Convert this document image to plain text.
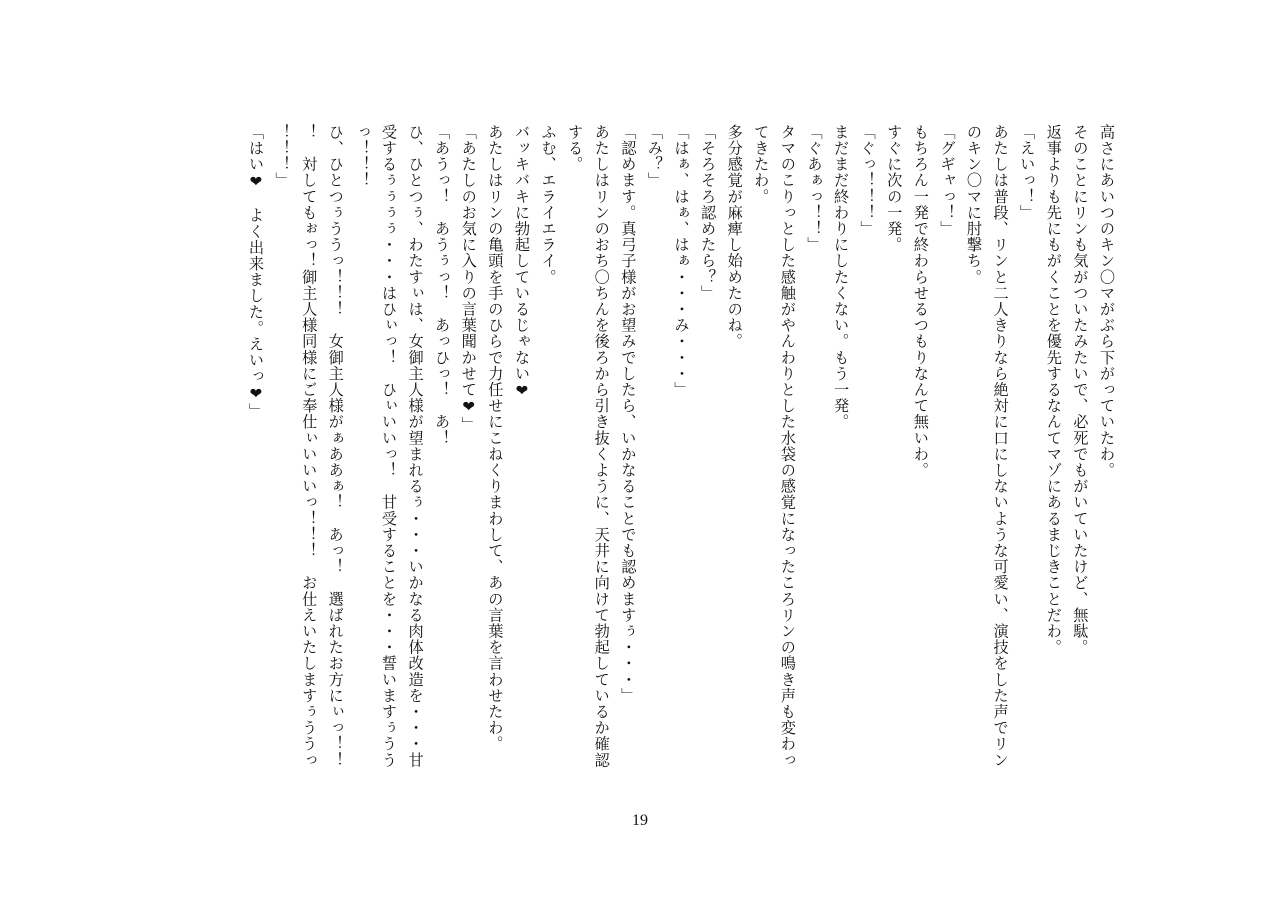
高さにあいつのキン〇マがぶら下がっていたわ。

そのことにリンも気がついたみたいで、必死でもがいていたけど、無駄。

返事よりも先にもがくことを優先するなんてマゾにあるまじきことだわ。

「えいっ！」

あたしは普段、リンと二人きりなら絶対に口にしないような可愛い、演技をした声でリンのキン〇マに肘撃ち。

「グギャっ！」

もちろん一発で終わらせるつもりなんて無いわ。

すぐに次の一発。

「ぐっ！！！」

まだまだ終わりにしたくない。もう一発。

「ぐあぁっ！！」

タマのこりっとした感触がやんわりとした水袋の感覚になったころリンの鳴き声も変わってきたわ。

多分感覚が麻痺し始めたのね。

「そろそろ認めたら？」

「はぁ、はぁ、はぁ・・・み・・・」

「み？」

「認めます。真弓子様がお望みでしたら、いかなることでも認めますぅ・・・」

あたしはリンのおち〇ちんを後ろから引き抜くように、天井に向けて勃起しているか確認する。

ふむ、エライエライ。

バッキバキに勃起しているじゃない❤

あたしはリンの亀頭を手のひらで力任せにこねくりまわして、あの言葉を言わせたわ。

「あたしのお気に入りの言葉聞かせて❤」

「あうっ！　あうぅっ！　あっひっ！　あ！

ひ、ひとつぅ、わたすぃは、女御主人様が望まれるぅ・・・いかなる肉体改造を・・・甘受するぅぅぅぅ・・・はひぃっ！　ひぃいいっ！　甘受することを・・・誓いますぅううっ！！！

ひ、ひとつぅううっ！！！　女御主人様がぁああぁ！　あっ！　選ばれたお方にぃっ！！！　対してもぉっ！御主人様同様にご奉仕ぃいいいっ！！！　お仕えいたしますぅううっ！！！」

「はい❤　よく出来ました。えいっ❤」

19
